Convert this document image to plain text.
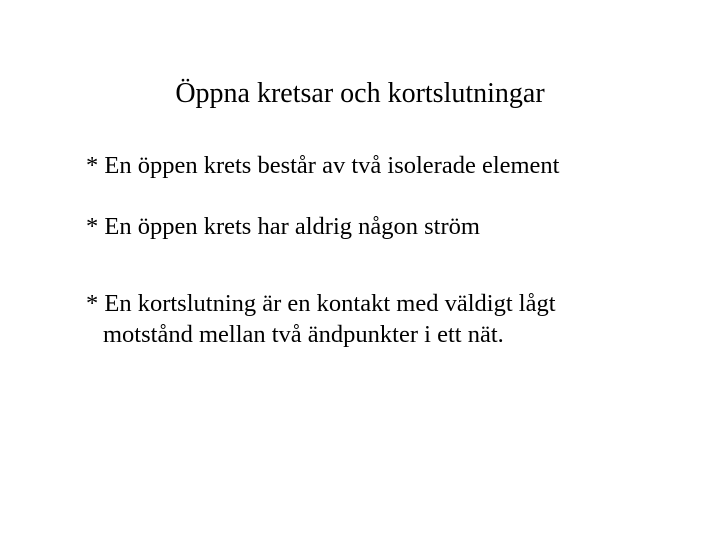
Öppna kretsar och kortslutningar
* En öppen krets består av två isolerade element
* En öppen krets har aldrig någon ström
* En kortslutning är en kontakt med väldigt lågt
motstånd mellan två ändpunkter i ett nät.
